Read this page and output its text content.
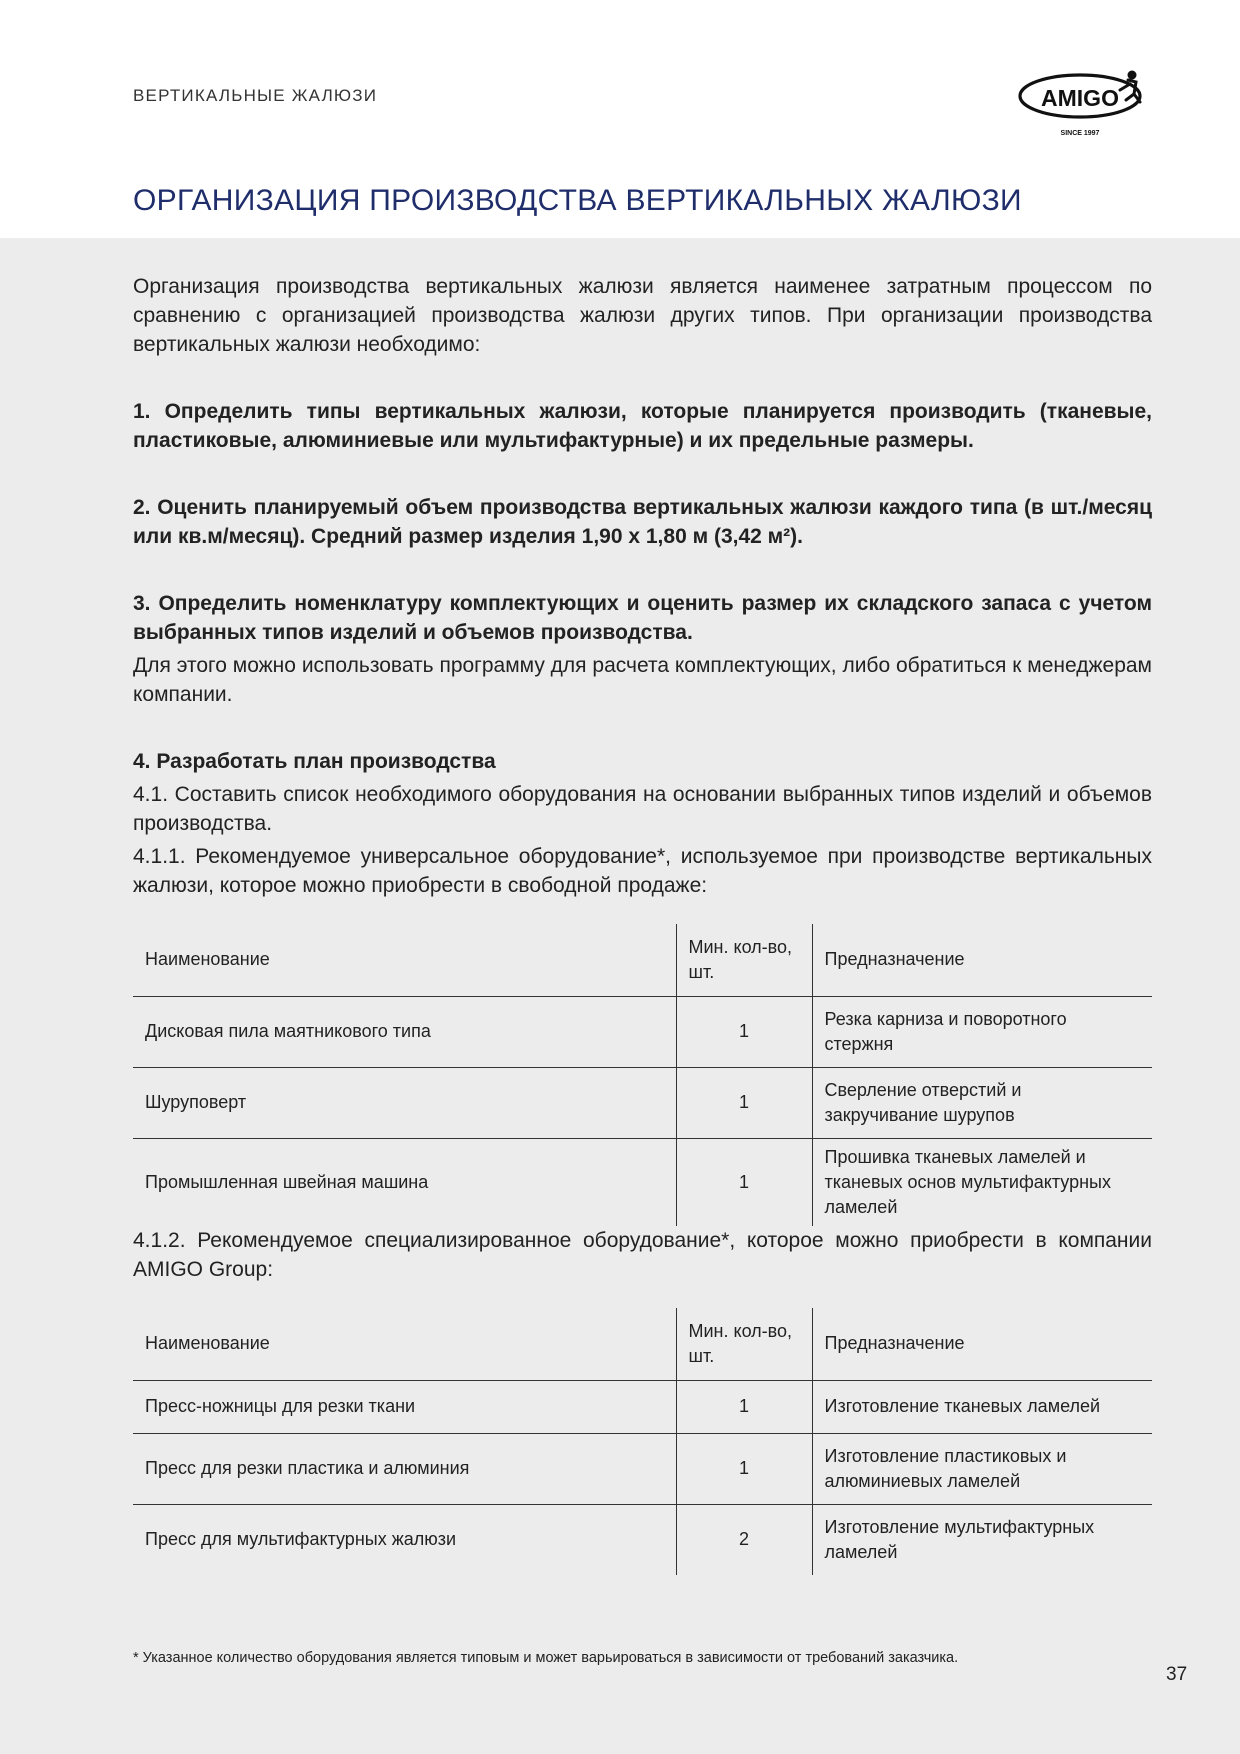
ВЕРТИКАЛЬНЫЕ ЖАЛЮЗИ	AMIGO
SINCE 1997
ОРГАНИЗАЦИЯ ПРОИЗВОДСТВА ВЕРТИКАЛЬНЫХ ЖАЛЮЗИ

Организация производства вертикальных жалюзи является наименее затратным процессом по сравнению с организацией производства жалюзи других типов. При организации производства вертикальных жалюзи необходимо:

1. Определить типы вертикальных жалюзи, которые планируется производить (тканевые, пластиковые, алюминиевые или мультифактурные) и их предельные размеры.

2. Оценить планируемый объем производства вертикальных жалюзи каждого типа (в шт./месяц или кв.м/месяц). Средний размер изделия 1,90 х 1,80 м (3,42 м²).

3. Определить номенклатуру комплектующих и оценить размер их складского запаса с учетом выбранных типов изделий и объемов производства.

Для этого можно использовать программу для расчета комплектующих, либо обратиться к менеджерам компании.

4. Разработать план производства

4.1. Составить список необходимого оборудования на основании выбранных типов изделий и объемов производства.

4.1.1. Рекомендуемое универсальное оборудование*, используемое при производстве вертикальных жалюзи, которое можно приобрести в свободной продаже:

Наименование	Мин. кол-во, шт.	Предназначение
Дисковая пила маятникового типа	1	Резка карниза и поворотного стержня
Шуруповерт	1	Сверление отверстий и закручивание шурупов
Промышленная швейная машина	1	Прошивка тканевых ламелей и тканевых основ мультифактурных ламелей

4.1.2. Рекомендуемое специализированное оборудование*, которое можно приобрести в компании AMIGO Group:

Наименование	Мин. кол-во, шт.	Предназначение
Пресс-ножницы для резки ткани	1	Изготовление тканевых ламелей
Пресс для резки пластика и алюминия	1	Изготовление пластиковых и алюминиевых ламелей
Пресс для мультифактурных жалюзи	2	Изготовление мультифактурных ламелей
* Указанное количество оборудования является типовым и может варьироваться в зависимости от требований заказчика.
37
